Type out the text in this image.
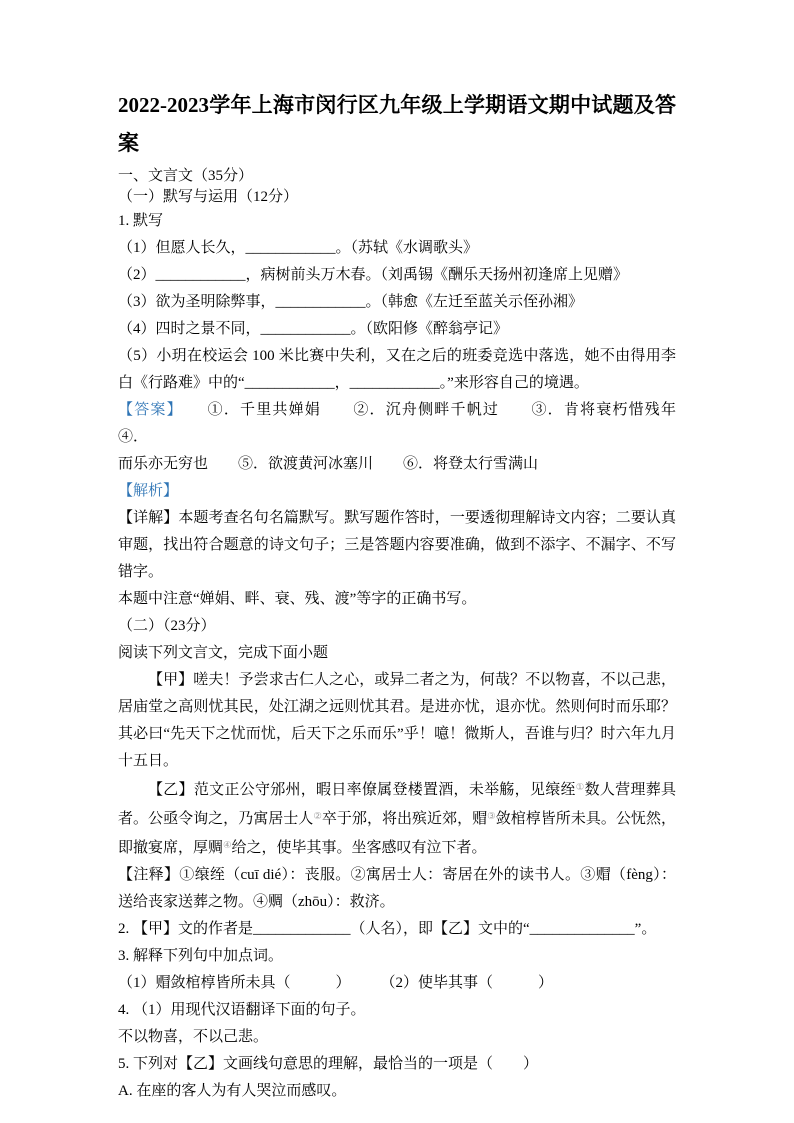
2022-2023学年上海市闵行区九年级上学期语文期中试题及答案

一、文言文（35分）

（一）默写与运用（12分）

1. 默写

（1）但愿人长久，____________。（苏轼《水调歌头》

（2）____________，病树前头万木春。（刘禹锡《酬乐天扬州初逢席上见赠》

（3）欲为圣明除弊事，____________。（韩愈《左迁至蓝关示侄孙湘》

（4）四时之景不同，____________。（欧阳修《醉翁亭记》

（5）小玥在校运会 100 米比赛中失利，又在之后的班委竞选中落选，她不由得用李白《行路难》中的“____________，____________。”来形容自己的境遇。

【答案】　　①．千里共婵娟　　②．沉舟侧畔千帆过　　③．肯将衰朽惜残年　　④．
而乐亦无穷也　　⑤．欲渡黄河冰塞川　　⑥．将登太行雪满山

【解析】

【详解】本题考查名句名篇默写。默写题作答时，一要透彻理解诗文内容；二要认真审题，找出符合题意的诗文句子；三是答题内容要准确，做到不添字、不漏字、不写错字。

本题中注意“婵娟、畔、衰、残、渡”等字的正确书写。

（二）（23分）

阅读下列文言文，完成下面小题

【甲】嗟夫！予尝求古仁人之心，或异二者之为，何哉？不以物喜，不以己悲，居庙堂之高则忧其民，处江湖之远则忧其君。是进亦忧，退亦忧。然则何时而乐耶？其必曰“先天下之忧而忧，后天下之乐而乐”乎！噫！微斯人，吾谁与归？时六年九月十五日。

【乙】范文正公守邠州，暇日率僚属登楼置酒，未举觞，见缞绖①数人营理葬具者。公亟令询之，乃寓居士人②卒于邠，将出殡近郊，赗③敛棺椁皆所未具。公怃然，即撤宴席，厚赒④给之，使毕其事。坐客感叹有泣下者。

【注释】①缞绖（cuī dié）：丧服。②寓居士人：寄居在外的读书人。③赗（fèng）：送给丧家送葬之物。④赒（zhōu）：救济。

2. 【甲】文的作者是_____________（人名），即【乙】文中的“______________”。

3. 解释下列句中加点词。

（1）赗敛棺椁皆所未具（　　　）　　　（2）使毕其事（　　　）

4. （1）用现代汉语翻译下面的句子。

不以物喜，不以己悲。

5. 下列对【乙】文画线句意思的理解，最恰当的一项是（　　）

A. 在座的客人为有人哭泣而感叹。
